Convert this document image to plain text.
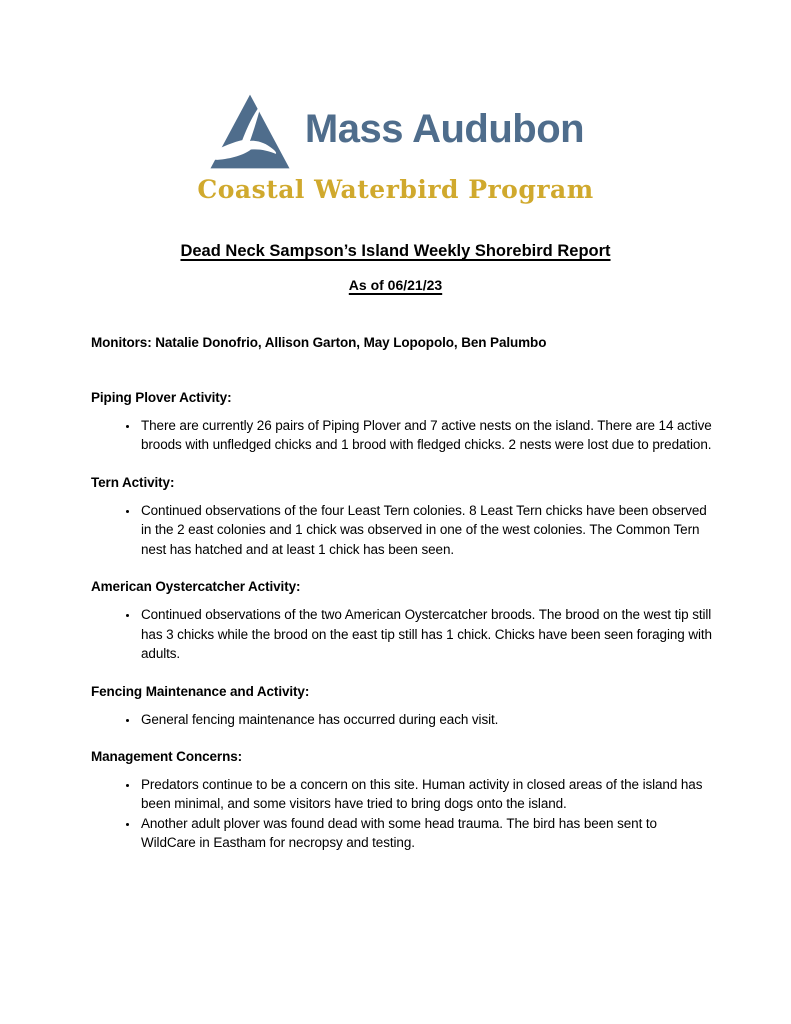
Mass Audubon
Coastal Waterbird Program
Dead Neck Sampson’s Island Weekly Shorebird Report
As of 06/21/23

Monitors: Natalie Donofrio, Allison Garton, May Lopopolo, Ben Palumbo

Piping Plover Activity:
• There are currently 26 pairs of Piping Plover and 7 active nests on the island. There are 14 active broods with unfledged chicks and 1 brood with fledged chicks. 2 nests were lost due to predation.
Tern Activity:
• Continued observations of the four Least Tern colonies. 8 Least Tern chicks have been observed in the 2 east colonies and 1 chick was observed in one of the west colonies. The Common Tern nest has hatched and at least 1 chick has been seen.
American Oystercatcher Activity:
• Continued observations of the two American Oystercatcher broods. The brood on the west tip still has 3 chicks while the brood on the east tip still has 1 chick. Chicks have been seen foraging with adults.
Fencing Maintenance and Activity:
• General fencing maintenance has occurred during each visit.
Management Concerns:
• Predators continue to be a concern on this site. Human activity in closed areas of the island has been minimal, and some visitors have tried to bring dogs onto the island.
• Another adult plover was found dead with some head trauma. The bird has been sent to WildCare in Eastham for necropsy and testing.
